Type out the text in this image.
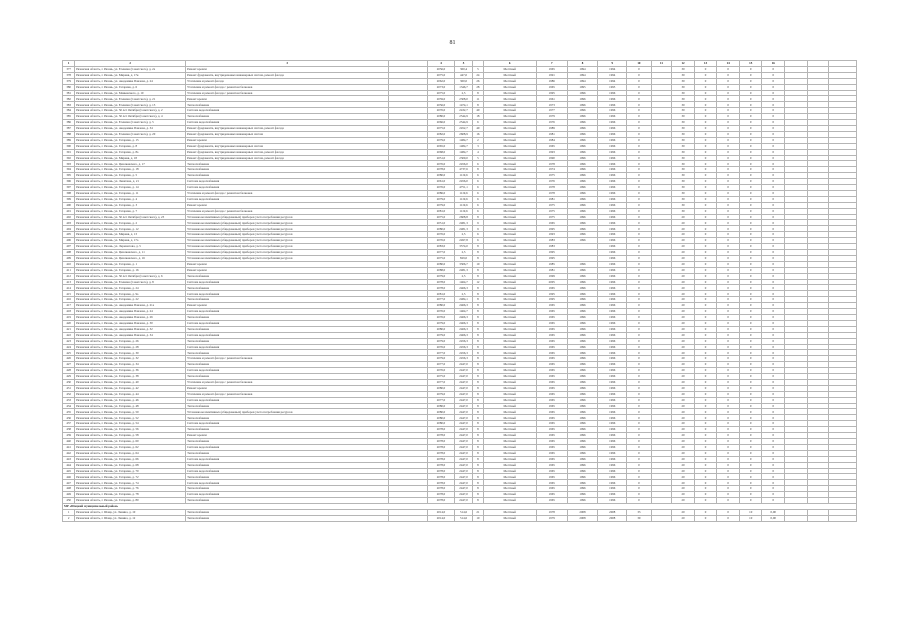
81
1	2	3		4	5		6	7	8	9	10	11	12	13	14	15	16			
377	Рязанская область, г. Рязань, ул. Есенина (Советского), д. 2а	Ремонт кровли		2056,0	300,4	5	Местный	1965	1994	1994	0		30	0	0	0	0			
378	Рязанская область, г. Рязань, ул. Мирная, д. 17к	Ремонт фундамента, внутридомовых инженерных систем, ремонт фасада		2075,0	447,0	24	Местный	1991	1994	1994	0		30	0	0	0	0			
379	Рязанская область, г. Рязань, ул. Академика Павлова, д. 24	Утепление и ремонт фасада		2062,0	300,0	26	Местный	1986	1994	1994	0		30	0	0	0	0			
380	Рязанская область, г. Рязань, ул. Гагарина, д. 6	Утепление и ремонт фасада с ремонтом балконов		2073,0	1346,7	28	Местный	1965	1995	1995	0		30	0	0	0	0			
381	Рязанская область, г. Рязань, ул. Маяковского, д. 10	Утепление и ремонт фасада с ремонтом балконов		2075,0	2,5	8	Местный	1995	1996	1996	0		30	0	0	0	0			
382	Рязанская область, г. Рязань, ул. Есенина (Советского), д. 21	Ремонт кровли		2059,0	2308,0	11	Местный	1961	1996	1996	0		30	0	0	0	0			
383	Рязанская область, г. Рязань, ул. Есенина (Советского), д. 13	Теплоснабжение		2056,0	1474,1	8	Местный	1973	1996	1996	0		30	0	0	0	0			
384	Рязанская область, г. Рязань, ул. 50 лет Октября (Советского), д. 2	Система водоснабжения		2076,0	2432,7	49	Местный	1977	1996	1996	0		30	0	0	0	0			
385	Рязанская область, г. Рязань, ул. 50 лет Октября (Советского), д. 4	Теплоснабжение		2080,0	2544,9	18	Местный	1979	1996	1996	0		30	0	0	0	0			
386	Рязанская область, г. Рязань, ул. Есенина (Советского), д. 5	Система водоснабжения		2066,0	2544,9	6	Местный	1976	1996	1996	0		30	0	0	0	0			
387	Рязанская область, г. Рязань, ул. Академика Павлова, д. 34	Ремонт фундамента, внутридомовых инженерных систем, ремонт фасада		2075,0	2452,7	49	Местный	1989	1996	1996	0		30	0	0	0	0			
388	Рязанская область, г. Рязань, ул. Есенина (Советского), д. 20	Ремонт фундамента, внутридомовых инженерных систем		2082,0	2608,9	16	Местный	1981	1996	1996	0		30	0	0	0	0			
389	Рязанская область, г. Рязань, ул. Гагарина, д. 15	Ремонт кровли		2079,0	1484,7	2	Местный	1984	1996	1996	0		30	0	0	0	0			
390	Рязанская область, г. Рязань, ул. Гагарина, д. 8	Ремонт фундамента, внутридомовых инженерных систем		2065,0	1484,7	3	Местный	1965	1996	1996	0		30	0	0	0	0			
391	Рязанская область, г. Рязань, ул. Гагарина, д. 8а	Ремонт фундамента, внутридомовых инженерных систем, ремонт фасада		2068,0	1484,7	4	Местный	1993	1996	1996	0		30	0	0	0	0			
392	Рязанская область, г. Рязань, ул. Мирная, д. 18	Ремонт фундамента, внутридомовых инженерных систем, ремонт фасада		2051,0	2309,0	5	Местный	1990	1996	1996	0		30	0	0	0	0			
393	Рязанская область, г. Рязань, ул. Циолковского, д. 17	Теплоснабжение		2076,0	2456,0	6	Местный	1978	1996	1996	0		30	0	0	0	0			
394	Рязанская область, г. Рязань, ул. Гагарина, д. 18	Теплоснабжение		2078,0	4737,6	8	Местный	1974	1996	1996	0		30	0	0	0	0			
395	Рязанская область, г. Рязань, ул. Гагарина, д. 5	Теплоснабжение		2080,0	1119,6	6	Местный	1975	1996	1996	0		30	0	0	0	0			
396	Рязанская область, г. Рязань, ул. Левитана, д. 21	Система водоснабжения		2061,0	2456,0	6	Местный	1976	1996	1996	0		30	0	0	0	0			
397	Рязанская область, г. Рязань, ул. Гагарина, д. 14	Система водоснабжения		2076,0	4751,1	6	Местный	1978	1996	1996	0		30	0	0	0	0			
398	Рязанская область, г. Рязань, ул. Гагарина, д. 11	Утепление и ремонт фасада с ремонтом балконов		2086,0	1119,6	6	Местный	1978	1996	1996	0		30	0	0	0	0			
399	Рязанская область, г. Рязань, ул. Гагарина, д. 4	Система водоснабжения		2079,0	1119,6	6	Местный	1981	1996	1996	0		30	0	0	0	0			
400	Рязанская область, г. Рязань, ул. Гагарина, д. 3	Ремонт кровли		2079,0	1119,6	6	Местный	1975	1996	1996	0		30	0	0	0	0			
401	Рязанская область, г. Рязань, ул. Гагарина, д. 7	Утепление и ремонт фасада с ремонтом балконов		2081,0	1119,6	6	Местный	1975	1996	1996	0		30	0	0	0	0			
402	Рязанская область, г. Рязань, ул. 50 лет Октября (Советского), д. 23	Установка коллективных (общедомовых) приборов учета потребления ресурсов		2075,0	2608,8	8	Местный	1975	1996	1996	0		20	0	0	0	0			
403	Рязанская область, г. Рязань, ул. Гагарина, д. 2	Установка коллективных (общедомовых) приборов учета потребления ресурсов		2051,0	2481,3	9	Местный	1965	1996	1996	0		20	0	0	0	0			
404	Рязанская область, г. Рязань, ул. Гагарина, д. 12	Установка коллективных (общедомовых) приборов учета потребления ресурсов		2080,0	2481,3	9	Местный	1995	1996	1996	0		20	0	0	0	0			
405	Рязанская область, г. Рязань, ул. Мирная, д. 13	Установка коллективных (общедомовых) приборов учета потребления ресурсов		2076,0	2,5	6	Местный	1993	1996	1996	0		20	0	0	0	0			
406	Рязанская область, г. Рязань, ул. Мирная, д. 17а	Установка коллективных (общедомовых) приборов учета потребления ресурсов		2076,0	2497,8	6	Местный	1983	1996	1996	0		20	0	0	0	0			
407	Рязанская область, г. Рязань, ул. Лермонтова, д. 5	Установка коллективных (общедомовых) приборов учета потребления ресурсов		2083,0	3574,0	8	Местный	1983		1996	0		20	0	0	0	0			
408	Рязанская область, г. Рязань, ул. Циолковского, д. 11	Установка коллективных (общедомовых) приборов учета потребления ресурсов		2077,0	2,5	8	Местный	1995		1996	0		20	0	0	0	0			
409	Рязанская область, г. Рязань, ул. Циолковского, д. 16	Установка коллективных (общедомовых) приборов учета потребления ресурсов		2075,0	829,0	8	Местный	1995		1996	0		20	0	0	0	0			
410	Рязанская область, г. Рязань, ул. Гагарина, д. 1	Ремонт кровли		2080,0	3306,7	10	Местный	1985	1996	1996	0		20	0	0	0	0			
411	Рязанская область, г. Рязань, ул. Гагарина, д. 16	Ремонт кровли		2088,0	2481,3	8	Местный	1981	1996	1996	0		20	0	0	0	0			
412	Рязанская область, г. Рязань, ул. 50 лет Октября (Советского), д. 6	Теплоснабжение		2079,0	2,5	8	Местный	1999	1996	1996	0		20	0	0	0	0			
413	Рязанская область, г. Рязань, ул. Есенина (Советского), д. 8	Система водоснабжения		2078,0	1464,7	12	Местный	2005	1996	1996	0		20	0	0	0	0			
414	Рязанская область, г. Рязань, ул. Гагарина, д. 24	Теплоснабжение		2078,0	2466,3	8	Местный	1965	1996	1996	0		20	0	0	0	0			
415	Рязанская область, г. Рязань, ул. Гагарина, д. 9а	Система водоснабжения		2081,0	2,5	8	Местный	1995	1996	1996	0		20	0	0	0	0			
416	Рязанская область, г. Рязань, ул. Гагарина, д. 22	Теплоснабжение		2077,0	2484,1	8	Местный	1995	1996	1996	0		20	0	0	0	0			
417	Рязанская область, г. Рязань, ул. Академика Павлова, д. 21а	Ремонт кровли		2080,0	2466,3	8	Местный	1965	1996	1996	0		20	0	0	0	0			
418	Рязанская область, г. Рязань, ул. Академика Павлова, д. 24	Система водоснабжения		2076,0	1464,7	8	Местный	1965	1996	1996	0		20	0	0	0	0			
419	Рязанская область, г. Рязань, ул. Академика Павлова, д. 26	Теплоснабжение		2076,0	2466,3	8	Местный	1965	1996	1996	0		20	0	0	0	0			
420	Рязанская область, г. Рязань, ул. Академика Павлова, д. 30	Система водоснабжения		2079,0	2466,3	8	Местный	1965	1996	1996	0		20	0	0	0	0			
421	Рязанская область, г. Рязань, ул. Академика Павлова, д. 32	Теплоснабжение		2080,0	2466,3	8	Местный	1965	1996	1996	0		20	0	0	0	0			
422	Рязанская область, г. Рязань, ул. Академика Павлова, д. 34	Система водоснабжения		2079,0	2466,3	8	Местный	1965	1996	1996	0		20	0	0	0	0			
423	Рязанская область, г. Рязань, ул. Гагарина, д. 26	Теплоснабжение		2079,0	2456,3	8	Местный	1965	1996	1996	0		20	0	0	0	0			
424	Рязанская область, г. Рязань, ул. Гагарина, д. 28	Система водоснабжения		2076,0	2456,3	8	Местный	1965	1996	1996	0		20	0	0	0	0			
425	Рязанская область, г. Рязань, ул. Гагарина, д. 30	Теплоснабжение		2077,0	2456,3	8	Местный	1965	1996	1996	0		20	0	0	0	0			
426	Рязанская область, г. Рязань, ул. Гагарина, д. 32	Утепление и ремонт фасада с ремонтом балконов		2079,0	2456,3	8	Местный	1965	1996	1996	0		20	0	0	0	0			
427	Рязанская область, г. Рязань, ул. Гагарина, д. 34	Теплоснабжение		2077,0	2447,0	8	Местный	1965	1996	1996	0		20	0	0	0	0			
428	Рязанская область, г. Рязань, ул. Гагарина, д. 36	Система водоснабжения		2076,0	2447,0	8	Местный	1965	1996	1996	0		20	0	0	0	0			
429	Рязанская область, г. Рязань, ул. Гагарина, д. 38	Теплоснабжение		2075,0	2447,0	8	Местный	1965	1996	1996	0		20	0	0	0	0			
430	Рязанская область, г. Рязань, ул. Гагарина, д. 40	Утепление и ремонт фасада с ремонтом балконов		2077,0	2447,0	8	Местный	1965	1996	1996	0		20	0	0	0	0			
431	Рязанская область, г. Рязань, ул. Гагарина, д. 42	Ремонт кровли		2080,0	2447,0	8	Местный	1965	1996	1996	0		20	0	0	0	0			
432	Рязанская область, г. Рязань, ул. Гагарина, д. 44	Утепление и ремонт фасада с ремонтом балконов		2079,0	2447,0	8	Местный	1965	1996	1996	0		20	0	0	0	0			
433	Рязанская область, г. Рязань, ул. Гагарина, д. 46	Система водоснабжения		2077,0	2447,0	8	Местный	1965	1996	1996	0		20	0	0	0	0			
434	Рязанская область, г. Рязань, ул. Гагарина, д. 48	Теплоснабжение		2080,0	2447,0	8	Местный	1965	1996	1996	0		20	0	0	0	0			
435	Рязанская область, г. Рязань, ул. Гагарина, д. 50	Установка коллективных (общедомовых) приборов учета потребления ресурсов		2080,0	2447,0	8	Местный	1965	1996	1996	0		20	0	0	0	0			
436	Рязанская область, г. Рязань, ул. Гагарина, д. 52	Теплоснабжение		2080,0	2447,0	8	Местный	1965	1996	1996	0		20	0	0	0	0			
437	Рязанская область, г. Рязань, ул. Гагарина, д. 54	Система водоснабжения		2080,0	2447,0	8	Местный	1965	1996	1996	0		20	0	0	0	0			
438	Рязанская область, г. Рязань, ул. Гагарина, д. 56	Теплоснабжение		2078,0	2447,0	8	Местный	1965	1996	1996	0		20	0	0	0	0			
439	Рязанская область, г. Рязань, ул. Гагарина, д. 58	Ремонт кровли		2078,0	2447,0	8	Местный	1965	1996	1996	0		20	0	0	0	0			
440	Рязанская область, г. Рязань, ул. Гагарина, д. 60	Теплоснабжение		2078,0	2447,0	8	Местный	1965	1996	1996	0		20	0	0	0	0			
441	Рязанская область, г. Рязань, ул. Гагарина, д. 62	Система водоснабжения		2078,0	2447,0	8	Местный	1965	1996	1996	0		20	0	0	0	0			
442	Рязанская область, г. Рязань, ул. Гагарина, д. 64	Теплоснабжение		2078,0	2447,0	8	Местный	1965	1996	1996	0		20	0	0	0	0			
443	Рязанская область, г. Рязань, ул. Гагарина, д. 66	Система водоснабжения		2078,0	2447,0	8	Местный	1965	1996	1996	0		20	0	0	0	0			
444	Рязанская область, г. Рязань, ул. Гагарина, д. 68	Теплоснабжение		2078,0	2447,0	8	Местный	1965	1996	1996	0		20	0	0	0	0			
445	Рязанская область, г. Рязань, ул. Гагарина, д. 70	Система водоснабжения		2078,0	2447,0	8	Местный	1965	1996	1996	0		20	0	0	0	0			
446	Рязанская область, г. Рязань, ул. Гагарина, д. 72	Теплоснабжение		2078,0	2447,0	8	Местный	1965	1996	1996	0		20	0	0	0	0			
447	Рязанская область, г. Рязань, ул. Гагарина, д. 74	Система водоснабжения		2078,0	2447,0	8	Местный	1965	1996	1996	0		20	0	0	0	0			
448	Рязанская область, г. Рязань, ул. Гагарина, д. 76	Теплоснабжение		2078,0	2447,0	8	Местный	1965	1996	1996	0		20	0	0	0	0			
449	Рязанская область, г. Рязань, ул. Гагарина, д. 78	Система водоснабжения		2078,0	2447,0	8	Местный	1965	1996	1996	0		20	0	0	0	0			
450	Рязанская область, г. Рязань, ул. Гагарина, д. 80	Теплоснабжение		2078,0	2447,0	8	Местный	1965	1996	1996	0		20	0	0	0	0			
МР «Шацкий муниципальный район»																				
1	Рязанская область, г. Шацк, ул. Ленина, д. 10	Теплоснабжение		2014,0	514,6	21	Местный	1978	2008	2008	33		20	0	0	10	0,00			
2	Рязанская область, г. Шацк, ул. Ленина, д. 12	Теплоснабжение		2014,0	514,6	10	Местный	1979	2008	2008	39		20	0	0	10	0,00			
